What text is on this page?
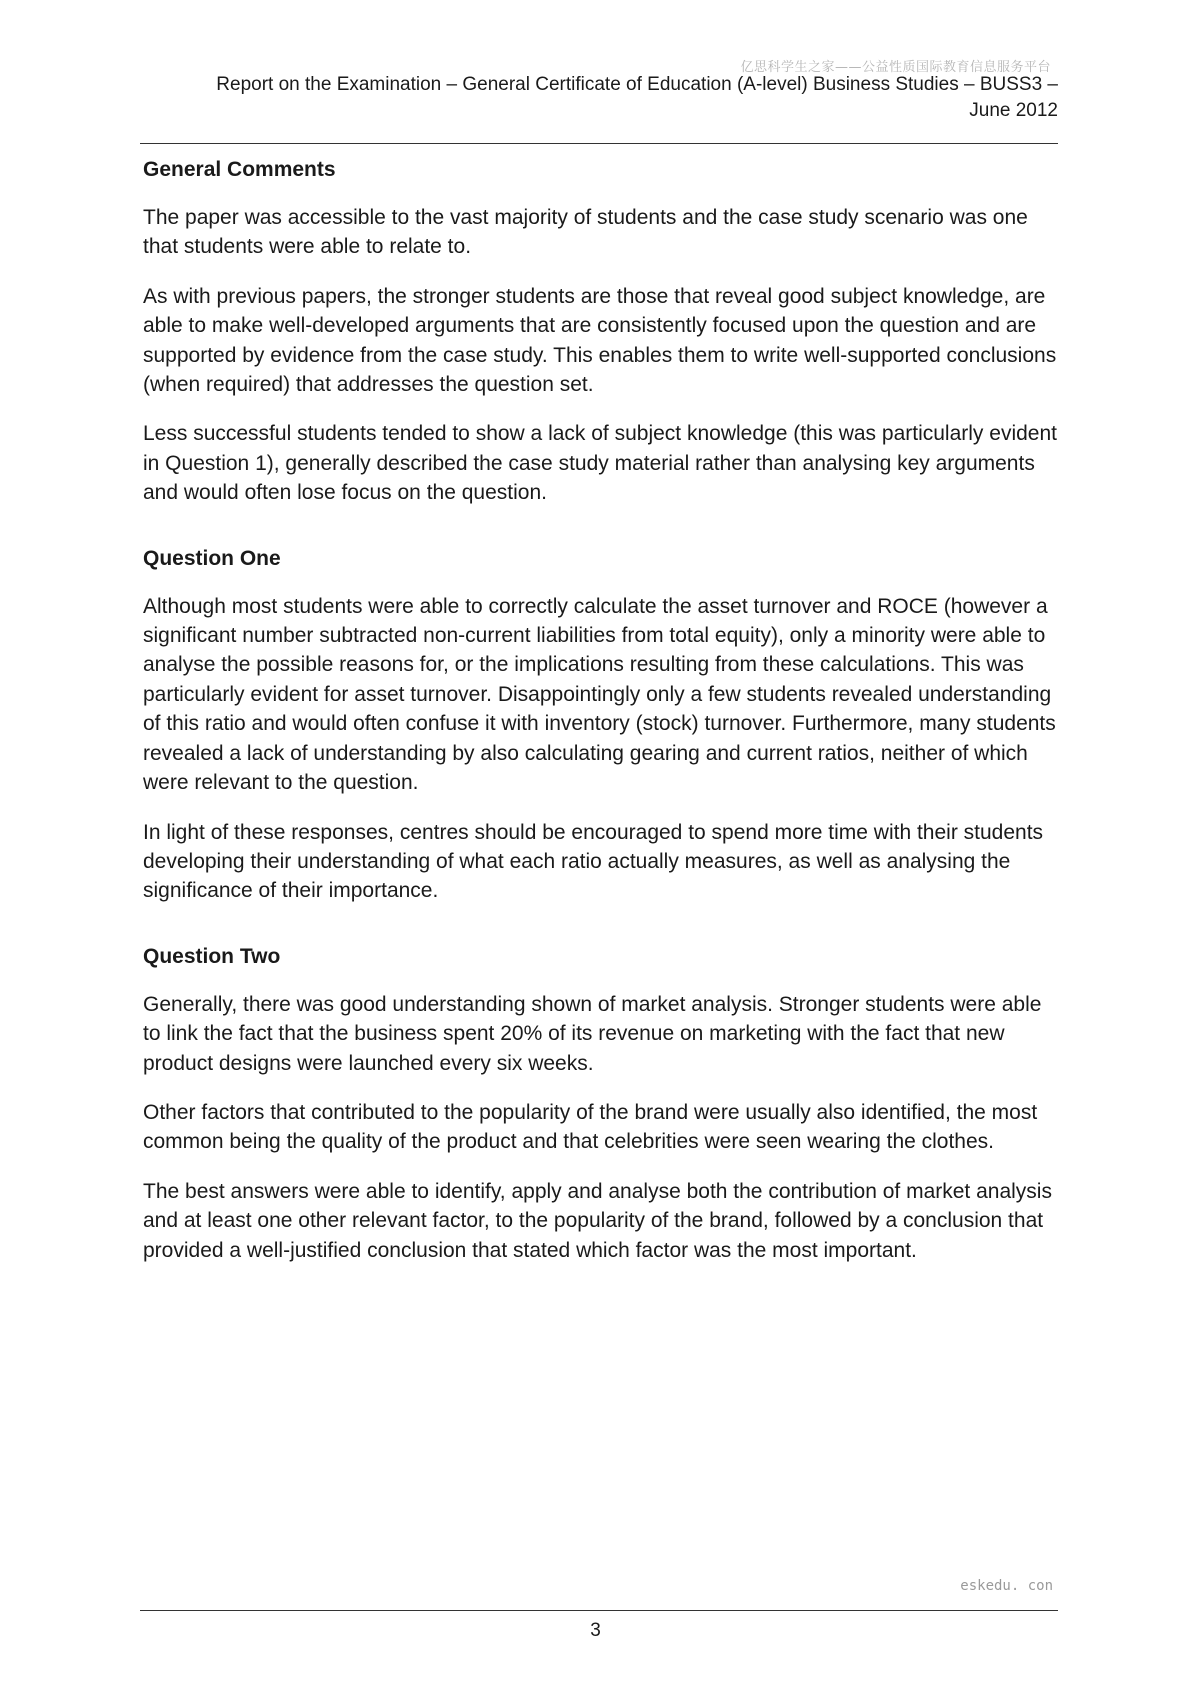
亿思科学生之家——公益性质国际教育信息服务平台
Report on the Examination – General Certificate of Education (A-level) Business Studies – BUSS3 –
June 2012
General Comments

The paper was accessible to the vast majority of students and the case study scenario was one that students were able to relate to.

As with previous papers, the stronger students are those that reveal good subject knowledge, are able to make well-developed arguments that are consistently focused upon the question and are supported by evidence from the case study. This enables them to write well-supported conclusions (when required) that addresses the question set.

Less successful students tended to show a lack of subject knowledge (this was particularly evident in Question 1), generally described the case study material rather than analysing key arguments and would often lose focus on the question.

Question One

Although most students were able to correctly calculate the asset turnover and ROCE (however a significant number subtracted non-current liabilities from total equity), only a minority were able to analyse the possible reasons for, or the implications resulting from these calculations. This was particularly evident for asset turnover. Disappointingly only a few students revealed understanding of this ratio and would often confuse it with inventory (stock) turnover. Furthermore, many students revealed a lack of understanding by also calculating gearing and current ratios, neither of which were relevant to the question.

In light of these responses, centres should be encouraged to spend more time with their students developing their understanding of what each ratio actually measures, as well as analysing the significance of their importance.

Question Two

Generally, there was good understanding shown of market analysis. Stronger students were able to link the fact that the business spent 20% of its revenue on marketing with the fact that new product designs were launched every six weeks.

Other factors that contributed to the popularity of the brand were usually also identified, the most common being the quality of the product and that celebrities were seen wearing the clothes.

The best answers were able to identify, apply and analyse both the contribution of market analysis and at least one other relevant factor, to the popularity of the brand, followed by a conclusion that provided a well-justified conclusion that stated which factor was the most important.

eskedu. con
3
